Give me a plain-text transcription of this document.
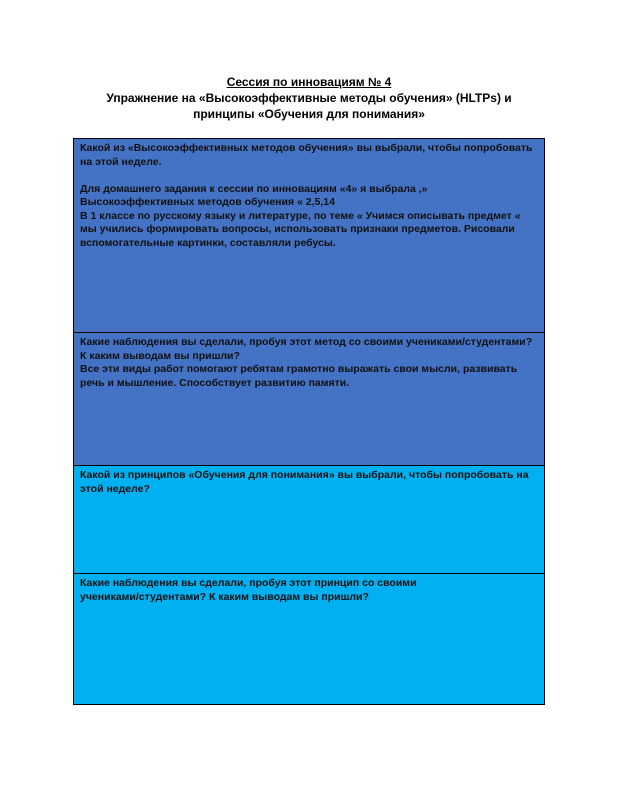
Сессия по инновациям № 4
Упражнение на «Высокоэффективные методы обучения» (HLTPs) и
принципы «Обучения для понимания»

Какой из «Высокоэффективных методов обучения» вы выбрали, чтобы попробовать

на этой неделе.

Для домашнего задания к сессии по инновациям «4» я выбрала ,»

Высокоэффективных методов обучения « 2,5,14

В 1 классе по русскому языку и литературе, по теме « Учимся описывать предмет «

мы учились формировать вопросы, использовать признаки предметов. Рисовали

вспомогательные картинки, составляли ребусы.

Какие наблюдения вы сделали, пробуя этот метод со своими учениками/студентами?

К каким выводам вы пришли?

Все эти виды работ помогают ребятам грамотно выражать свои мысли, развивать

речь и мышление. Способствует развитию памяти.

Какой из принципов «Обучения для понимания» вы выбрали, чтобы попробовать на

этой неделе?

Какие наблюдения вы сделали, пробуя этот принцип со своими

учениками/студентами? К каким выводам вы пришли?
